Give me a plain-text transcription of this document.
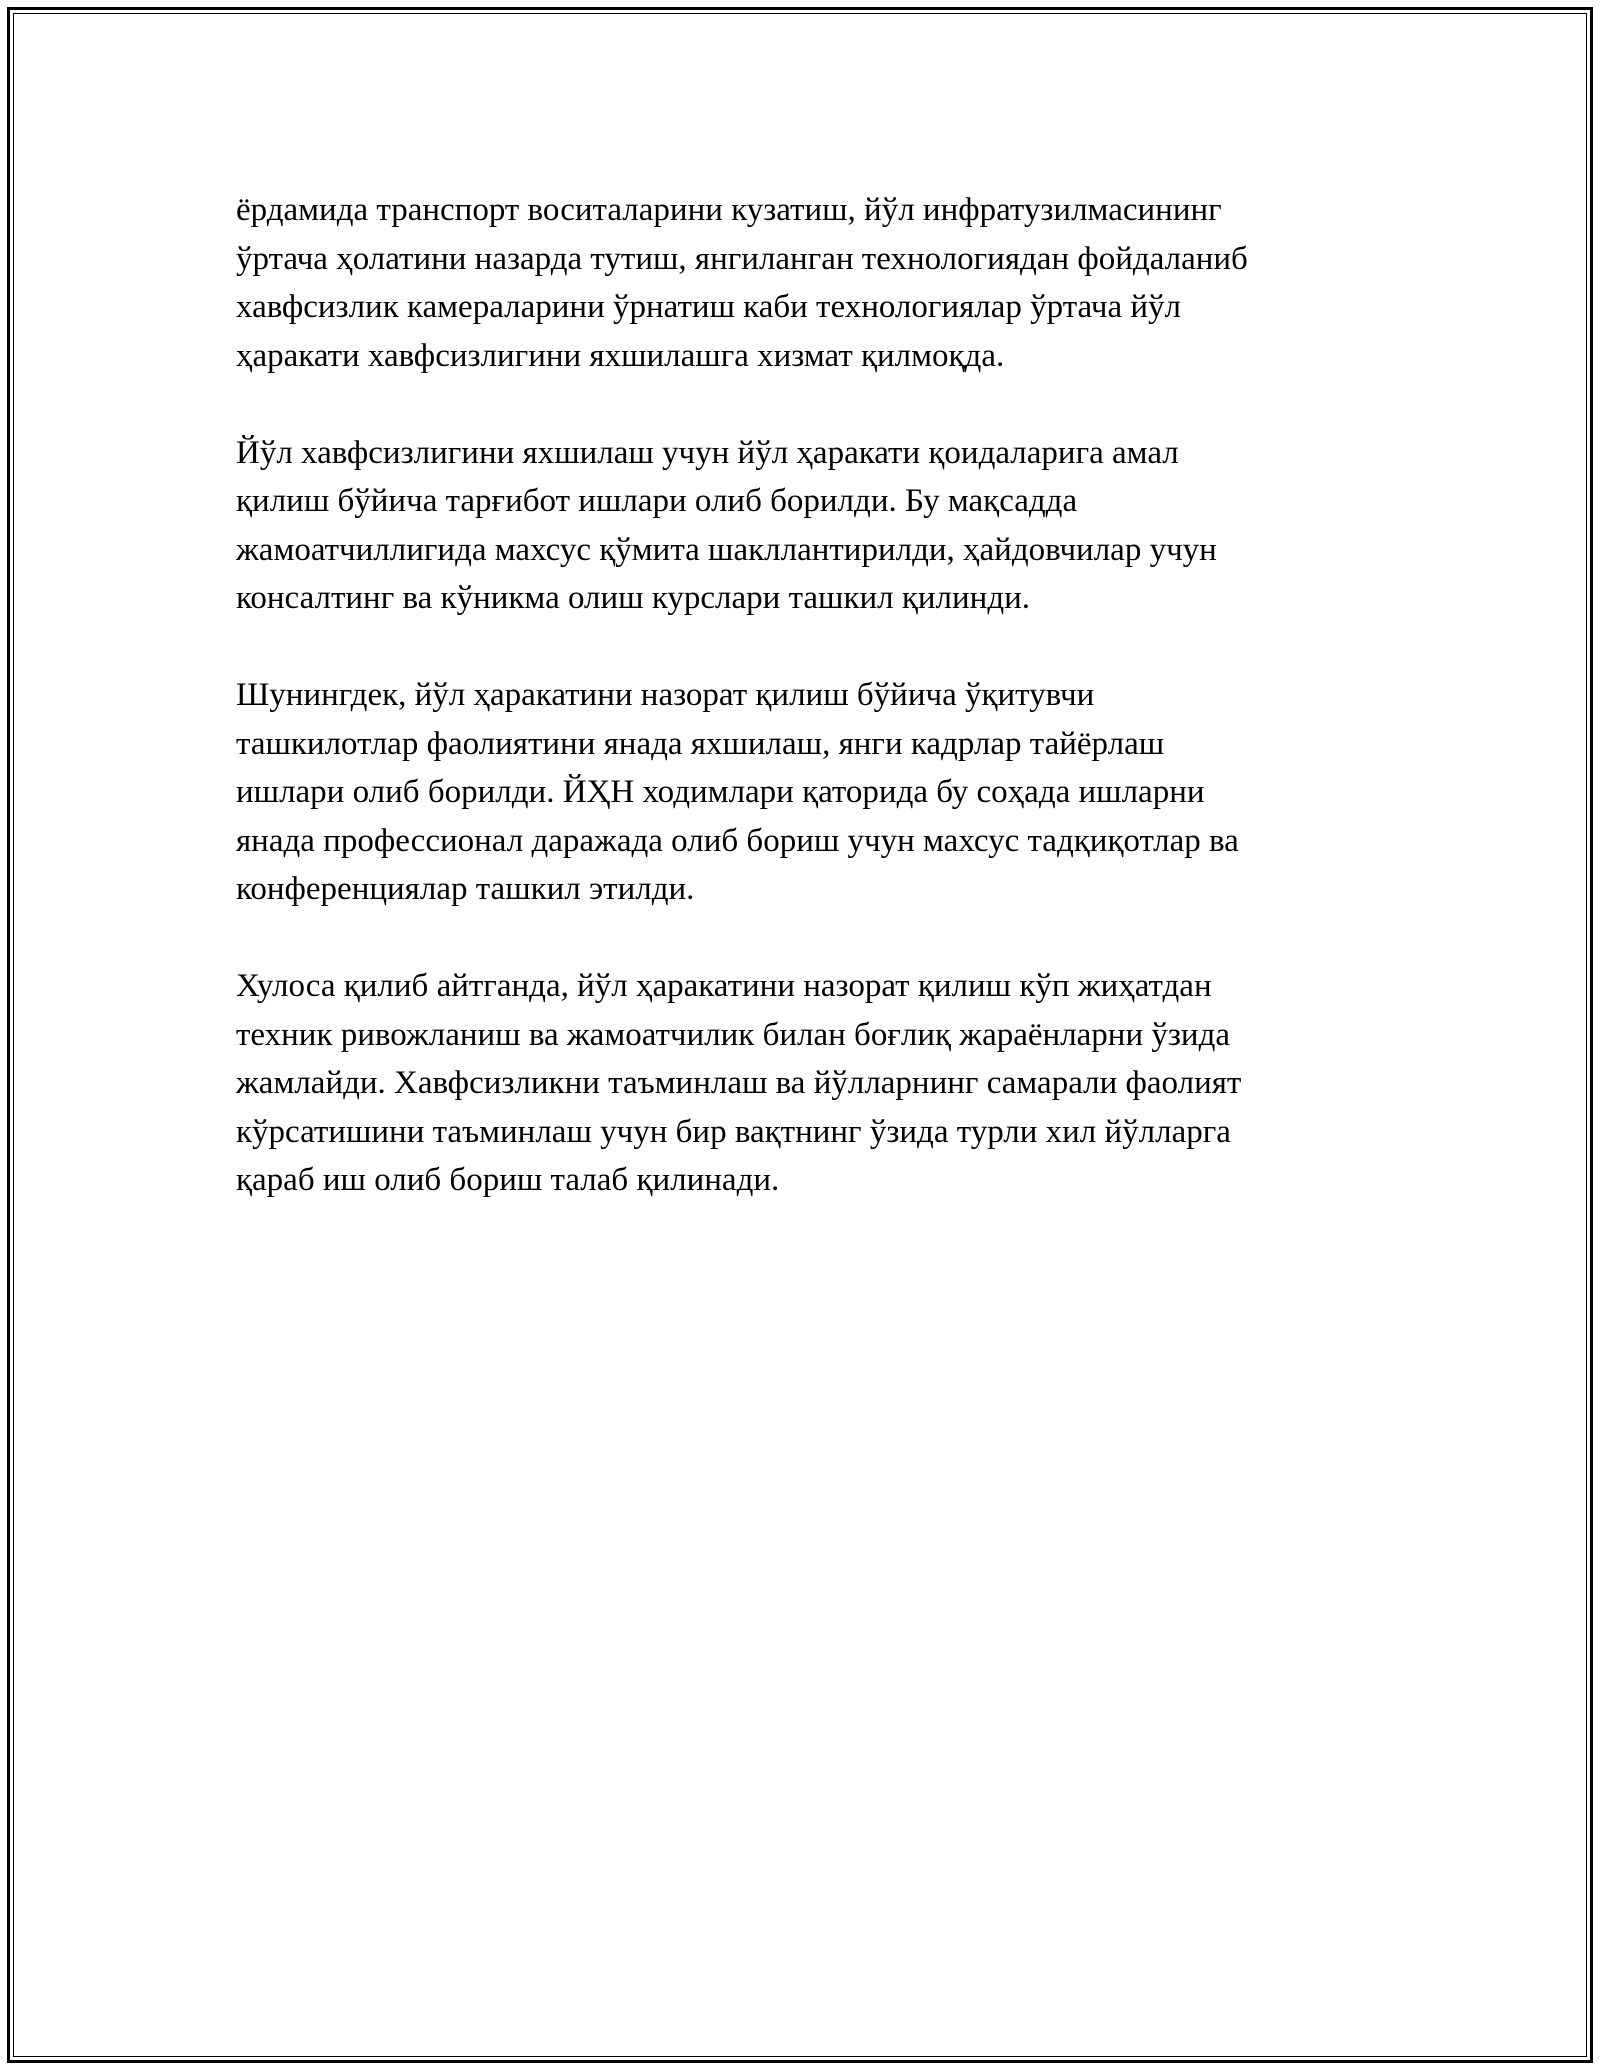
ёрдамида транспорт воситаларини кузатиш, йўл инфратузилмасининг
ўртача ҳолатини назарда тутиш, янгиланган технологиядан фойдаланиб
хавфсизлик камераларини ўрнатиш каби технологиялар ўртача йўл
ҳаракати хавфсизлигини яхшилашга хизмат қилмоқда.
Йўл хавфсизлигини яхшилаш учун йўл ҳаракати қоидаларига амал
қилиш бўйича тарғибот ишлари олиб борилди. Бу мақсадда
жамоатчиллигида махсус қўмита шакллантирилди, ҳайдовчилар учун
консалтинг ва кўникма олиш курслари ташкил қилинди.
Шунингдек, йўл ҳаракатини назорат қилиш бўйича ўқитувчи
ташкилотлар фаолиятини янада яхшилаш, янги кадрлар тайёрлаш
ишлари олиб борилди. ЙҲН ходимлари қаторида бу соҳада ишларни
янада профессионал даражада олиб бориш учун махсус тадқиқотлар ва
конференциялар ташкил этилди.
Хулоса қилиб айтганда, йўл ҳаракатини назорат қилиш кўп жиҳатдан
техник ривожланиш ва жамоатчилик билан боғлиқ жараёнларни ўзида
жамлайди. Хавфсизликни таъминлаш ва йўлларнинг самарали фаолият
кўрсатишини таъминлаш учун бир вақтнинг ўзида турли хил йўлларга
қараб иш олиб бориш талаб қилинади.
